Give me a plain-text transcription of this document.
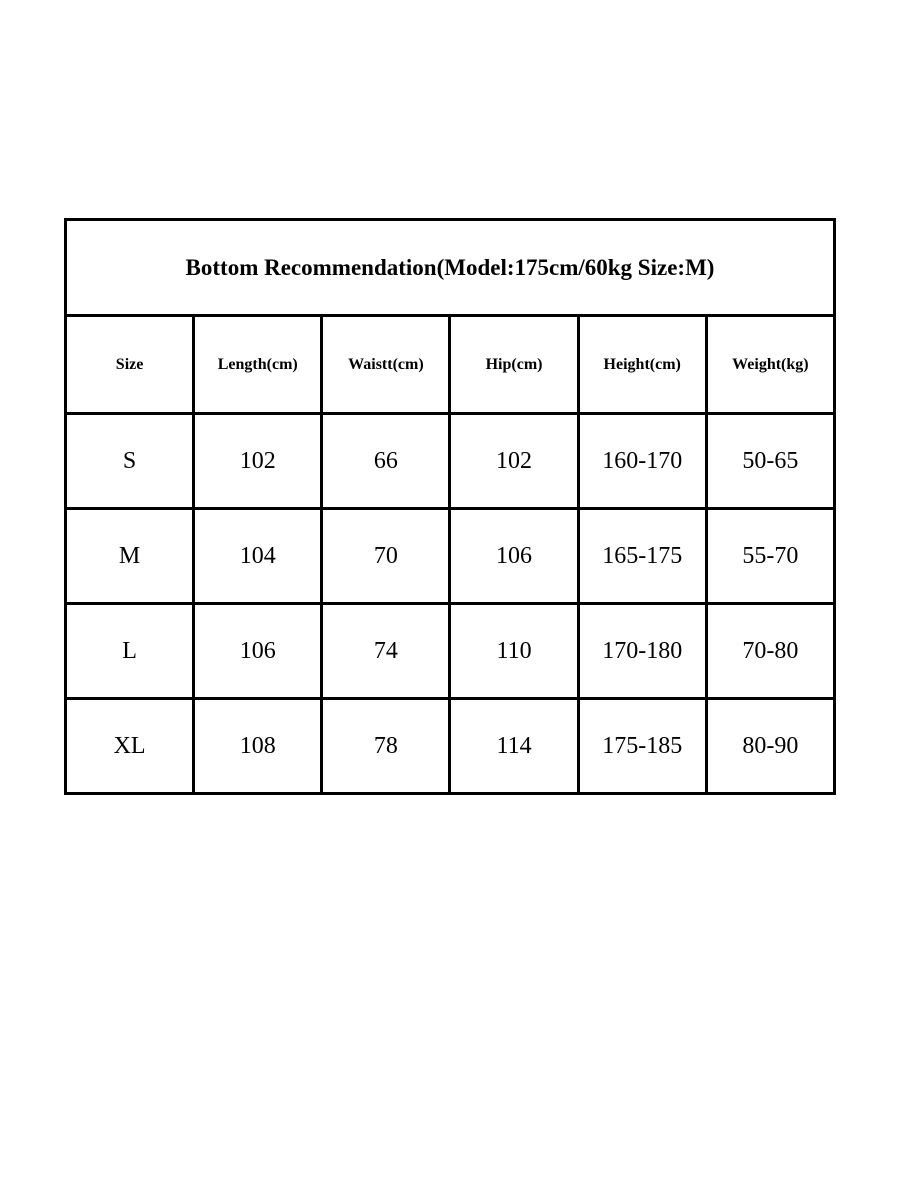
Bottom Recommendation(Model:175cm/60kg Size:M)					
Size	Length(cm)	Waistt(cm)	Hip(cm)	Height(cm)	Weight(kg)
S	102	66	102	160-170	50-65
M	104	70	106	165-175	55-70
L	106	74	110	170-180	70-80
XL	108	78	114	175-185	80-90
